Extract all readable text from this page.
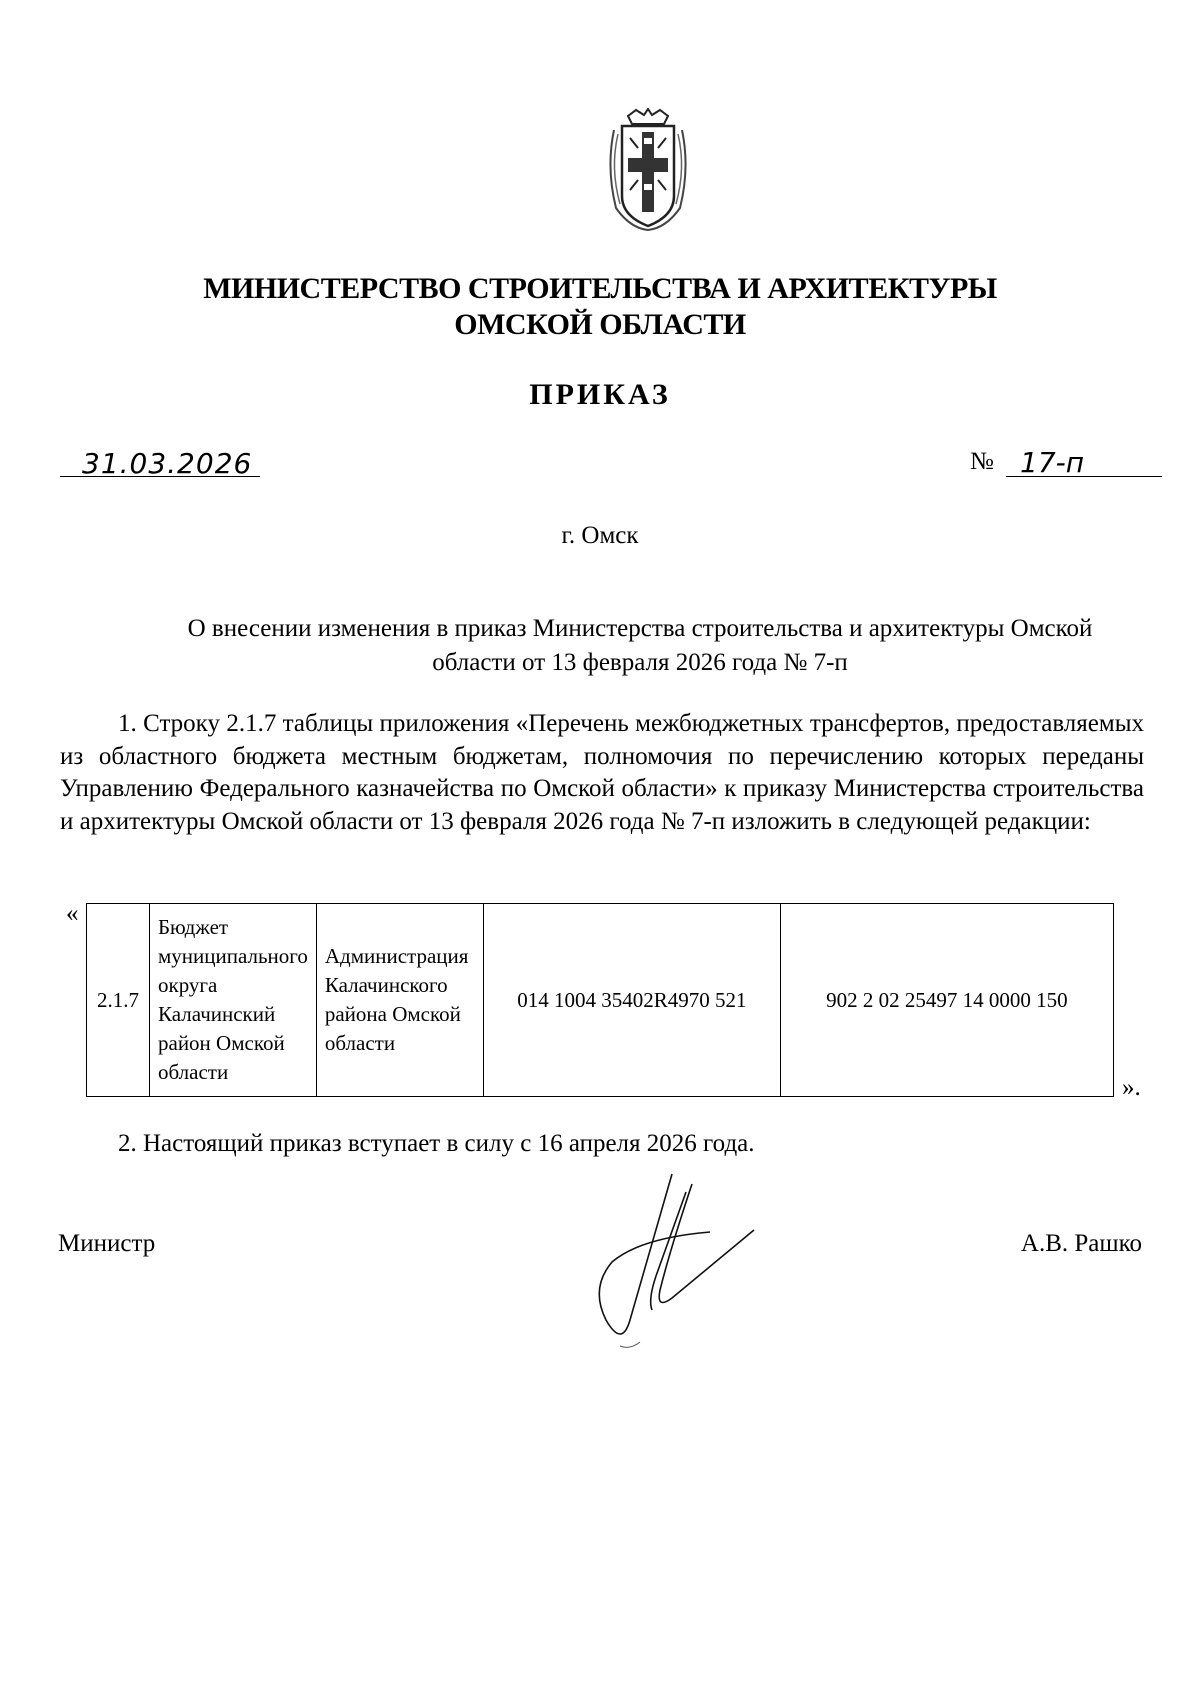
МИНИСТЕРСТВО СТРОИТЕЛЬСТВА И АРХИТЕКТУРЫ
ОМСКОЙ ОБЛАСТИ
ПРИКАЗ
31.03.2026	№ 17-п
г. Омск
О внесении изменения в приказ Министерства строительства и архитектуры Омской области от 13 февраля 2026 года № 7-п
1. Строку 2.1.7 таблицы приложения «Перечень межбюджетных трансфертов, предоставляемых из областного бюджета местным бюджетам, полномочия по перечислению которых переданы Управлению Федерального казначейства по Омской области» к приказу Министерства строительства и архитектуры Омской области от 13 февраля 2026 года № 7-п изложить в следующей редакции:
«
2.1.7	Бюджет муниципального округа Калачинский район Омской области	Администрация Калачинского района Омской области	014 1004 35402R4970 521	902 2 02 25497 14 0000 150
».
2. Настоящий приказ вступает в силу с 16 апреля 2026 года.
Министр	А.В. Рашко
